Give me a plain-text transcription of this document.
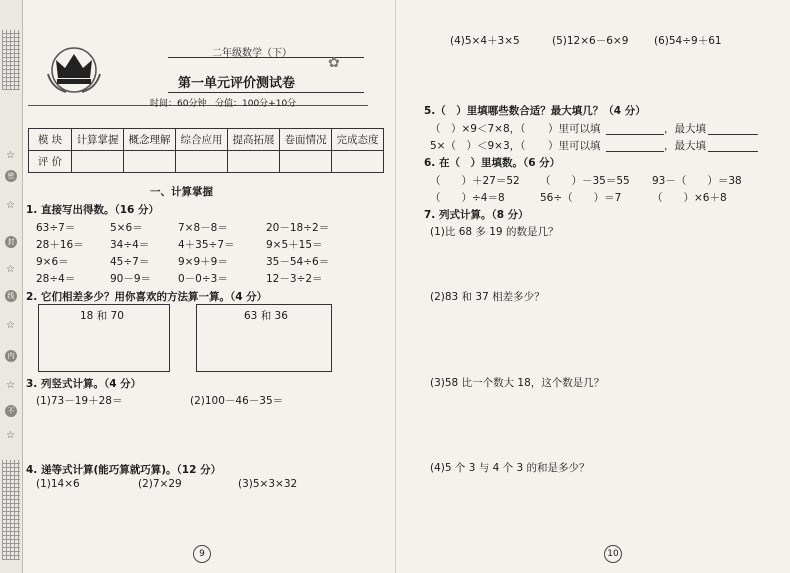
☆
密
☆
封
☆
线
☆
内
☆
不
☆
二年级数学（下）
第一单元评价测试卷
✿
时间：60分钟 分值：100分+10分
模 块	计算掌握	概念理解	综合应用	提高拓展	卷面情况	完成态度
评 价						
一、计算掌握
1. 直接写出得数。（16 分）
63÷7＝	5×6＝	7×8－8＝	20－18÷2＝
28＋16＝	34÷4＝	4＋35÷7＝	9×5＋15＝
9×6＝	45÷7＝	9×9＋9＝	35－54÷6＝
28÷4＝	90－9＝	0－0÷3＝	12－3÷2＝
2. 它们相差多少？用你喜欢的方法算一算。（4 分）
18 和 70	63 和 36
3. 列竖式计算。（4 分）
(1)73－19＋28＝	(2)100－46－35＝
4. 递等式计算(能巧算就巧算)。（12 分）
(1)14×6	(2)7×29	(3)5×3×32
9
(4)5×4＋3×5	(5)12×6－6×9 (6)54÷9＋61
5.（　）里填哪些数合适？最大填几？（4 分）
（　）×9＜7×8，（ ）里可以填	，最大填
5×（　）＜9×3，（ ）里可以填	，最大填
6. 在（　）里填数。（6 分）
（　　）＋27＝52 （　　）－35＝55 93－（　　）＝38
（　　）÷4＝8	56÷（　　）＝7	（　　）×6＋8
7. 列式计算。（8 分）
(1)比 68 多 19 的数是几？
(2)83 和 37 相差多少？
(3)58 比一个数大 18，这个数是几？
(4)5 个 3 与 4 个 3 的和是多少？
10
